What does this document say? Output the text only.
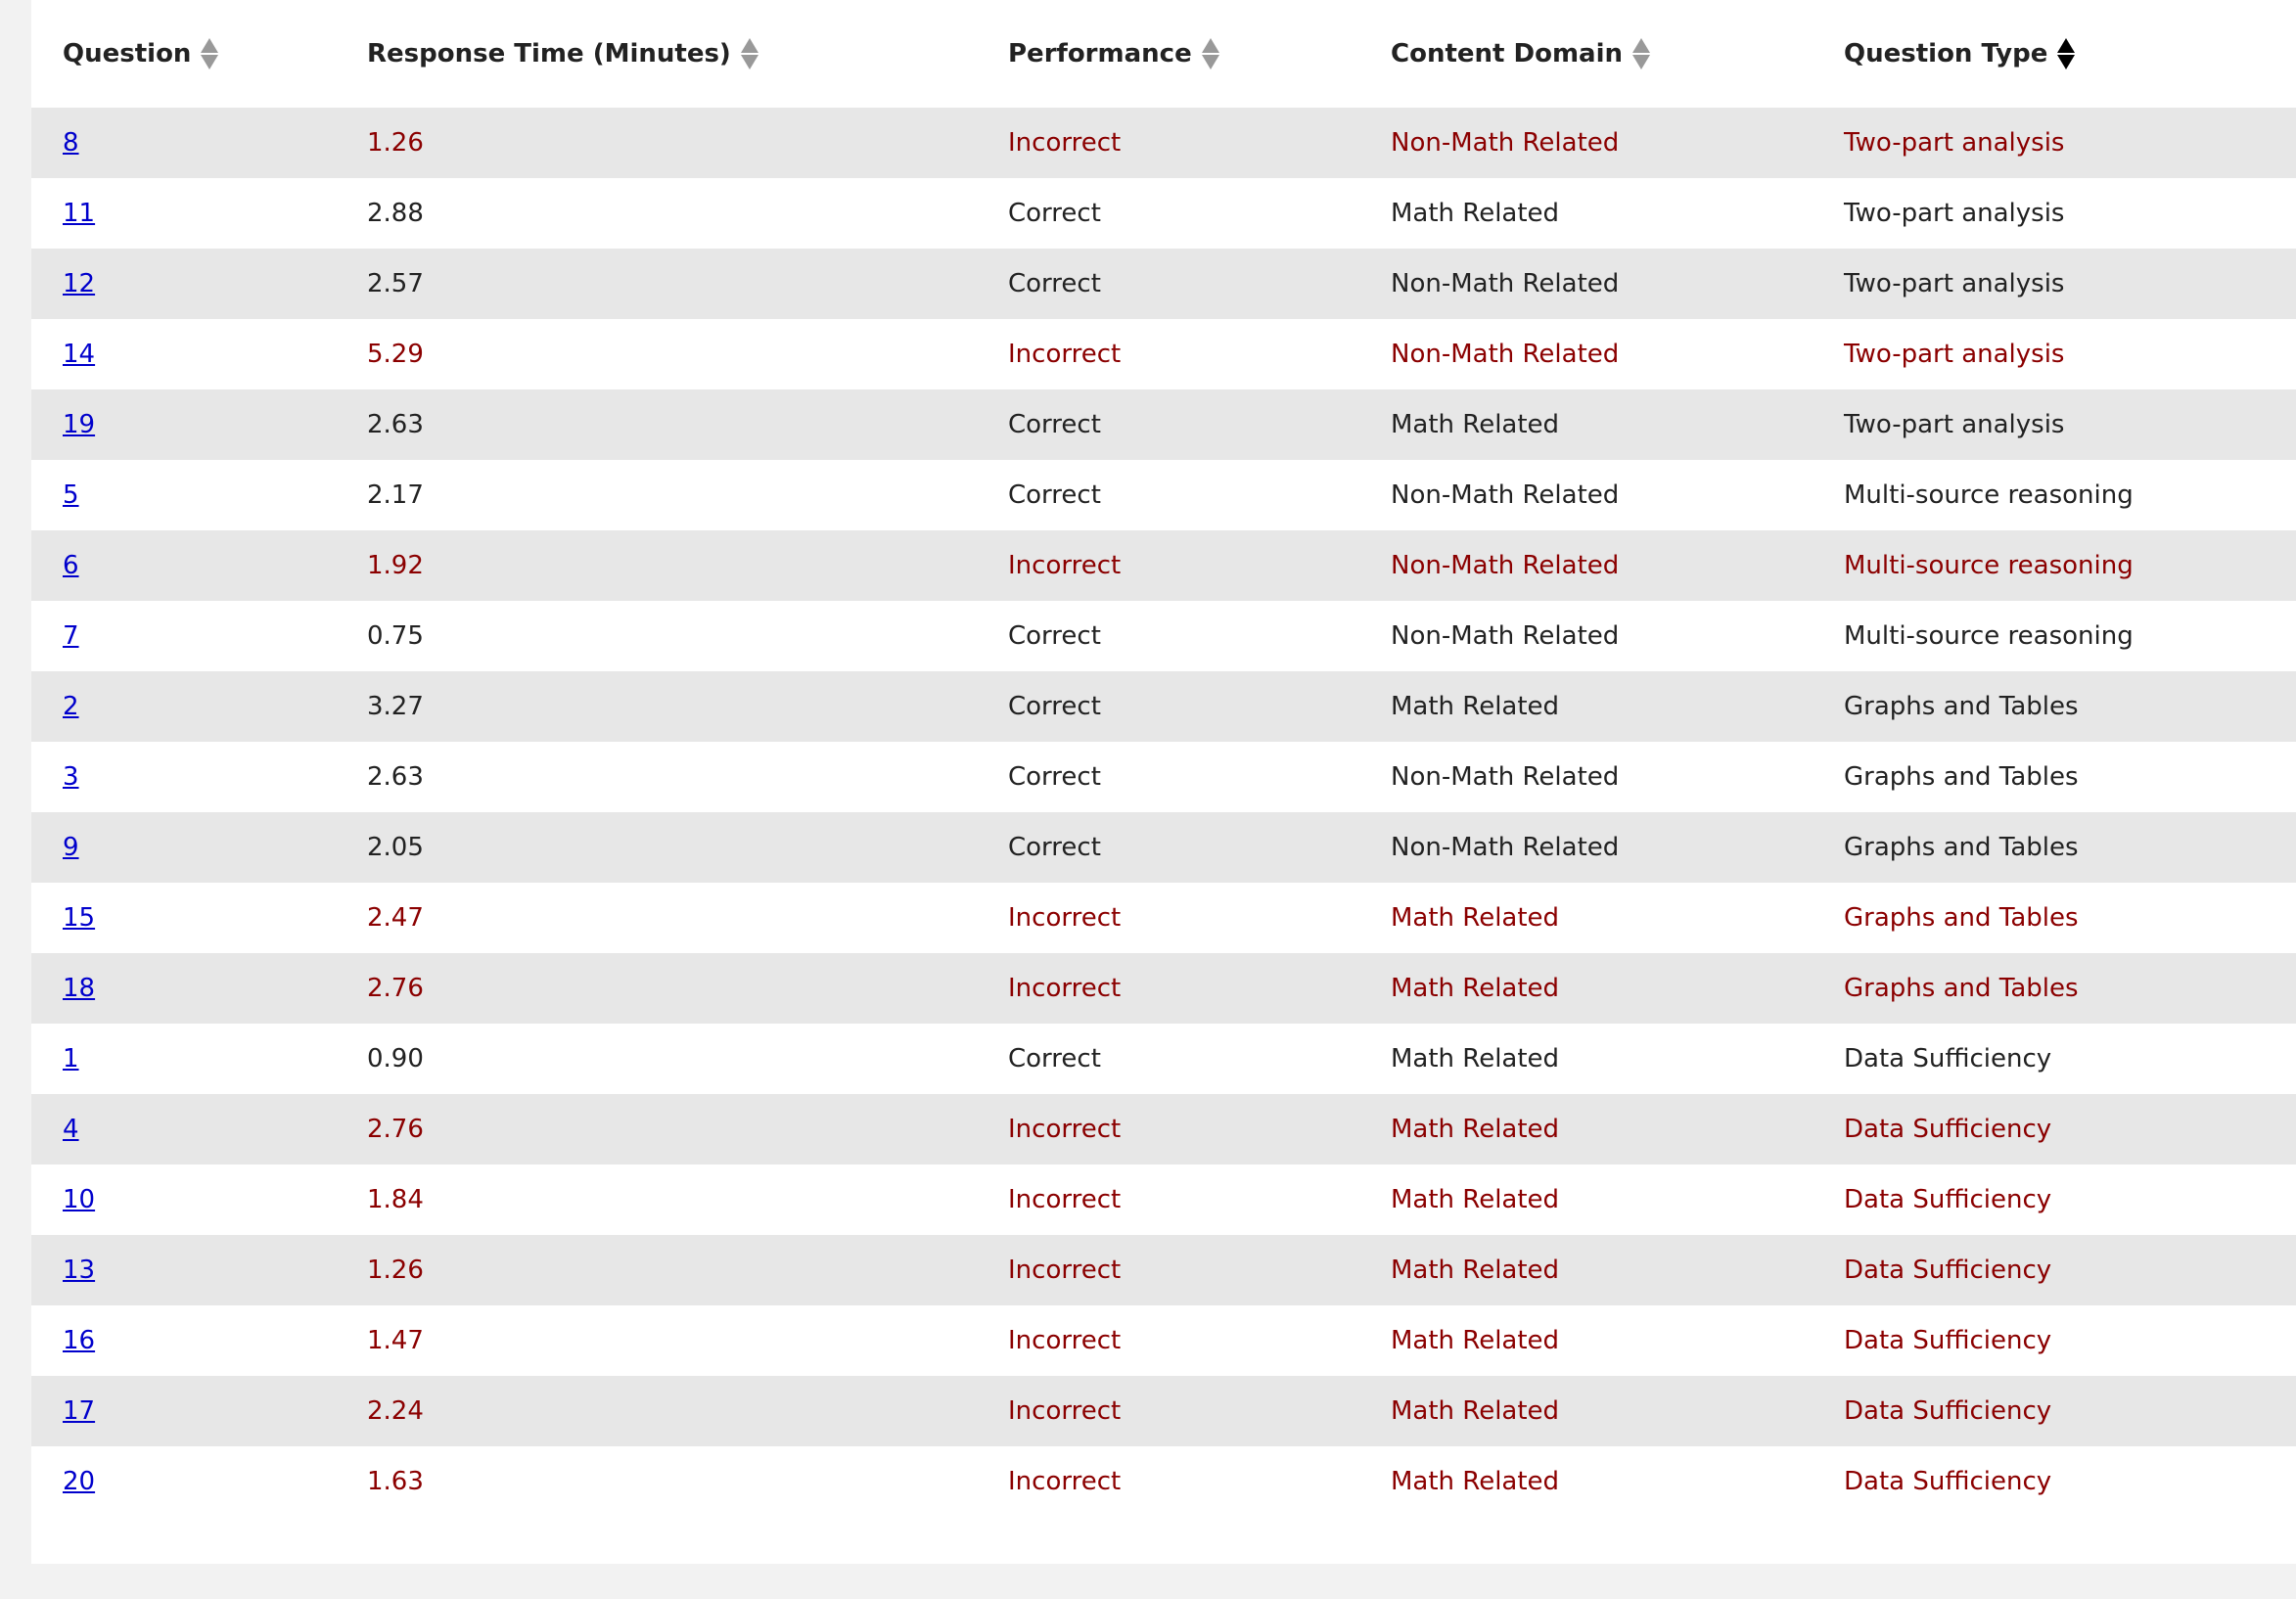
Question	Response Time (Minutes)	Performance	Content Domain	Question Type

8	1.26	Incorrect	Non-Math Related	Two-part analysis
11	2.88	Correct	Math Related	Two-part analysis
12	2.57	Correct	Non-Math Related	Two-part analysis
14	5.29	Incorrect	Non-Math Related	Two-part analysis
19	2.63	Correct	Math Related	Two-part analysis
5	2.17	Correct	Non-Math Related	Multi-source reasoning
6	1.92	Incorrect	Non-Math Related	Multi-source reasoning
7	0.75	Correct	Non-Math Related	Multi-source reasoning
2	3.27	Correct	Math Related	Graphs and Tables
3	2.63	Correct	Non-Math Related	Graphs and Tables
9	2.05	Correct	Non-Math Related	Graphs and Tables
15	2.47	Incorrect	Math Related	Graphs and Tables
18	2.76	Incorrect	Math Related	Graphs and Tables
1	0.90	Correct	Math Related	Data Sufficiency
4	2.76	Incorrect	Math Related	Data Sufficiency
10	1.84	Incorrect	Math Related	Data Sufficiency
13	1.26	Incorrect	Math Related	Data Sufficiency
16	1.47	Incorrect	Math Related	Data Sufficiency
17	2.24	Incorrect	Math Related	Data Sufficiency
20	1.63	Incorrect	Math Related	Data Sufficiency
